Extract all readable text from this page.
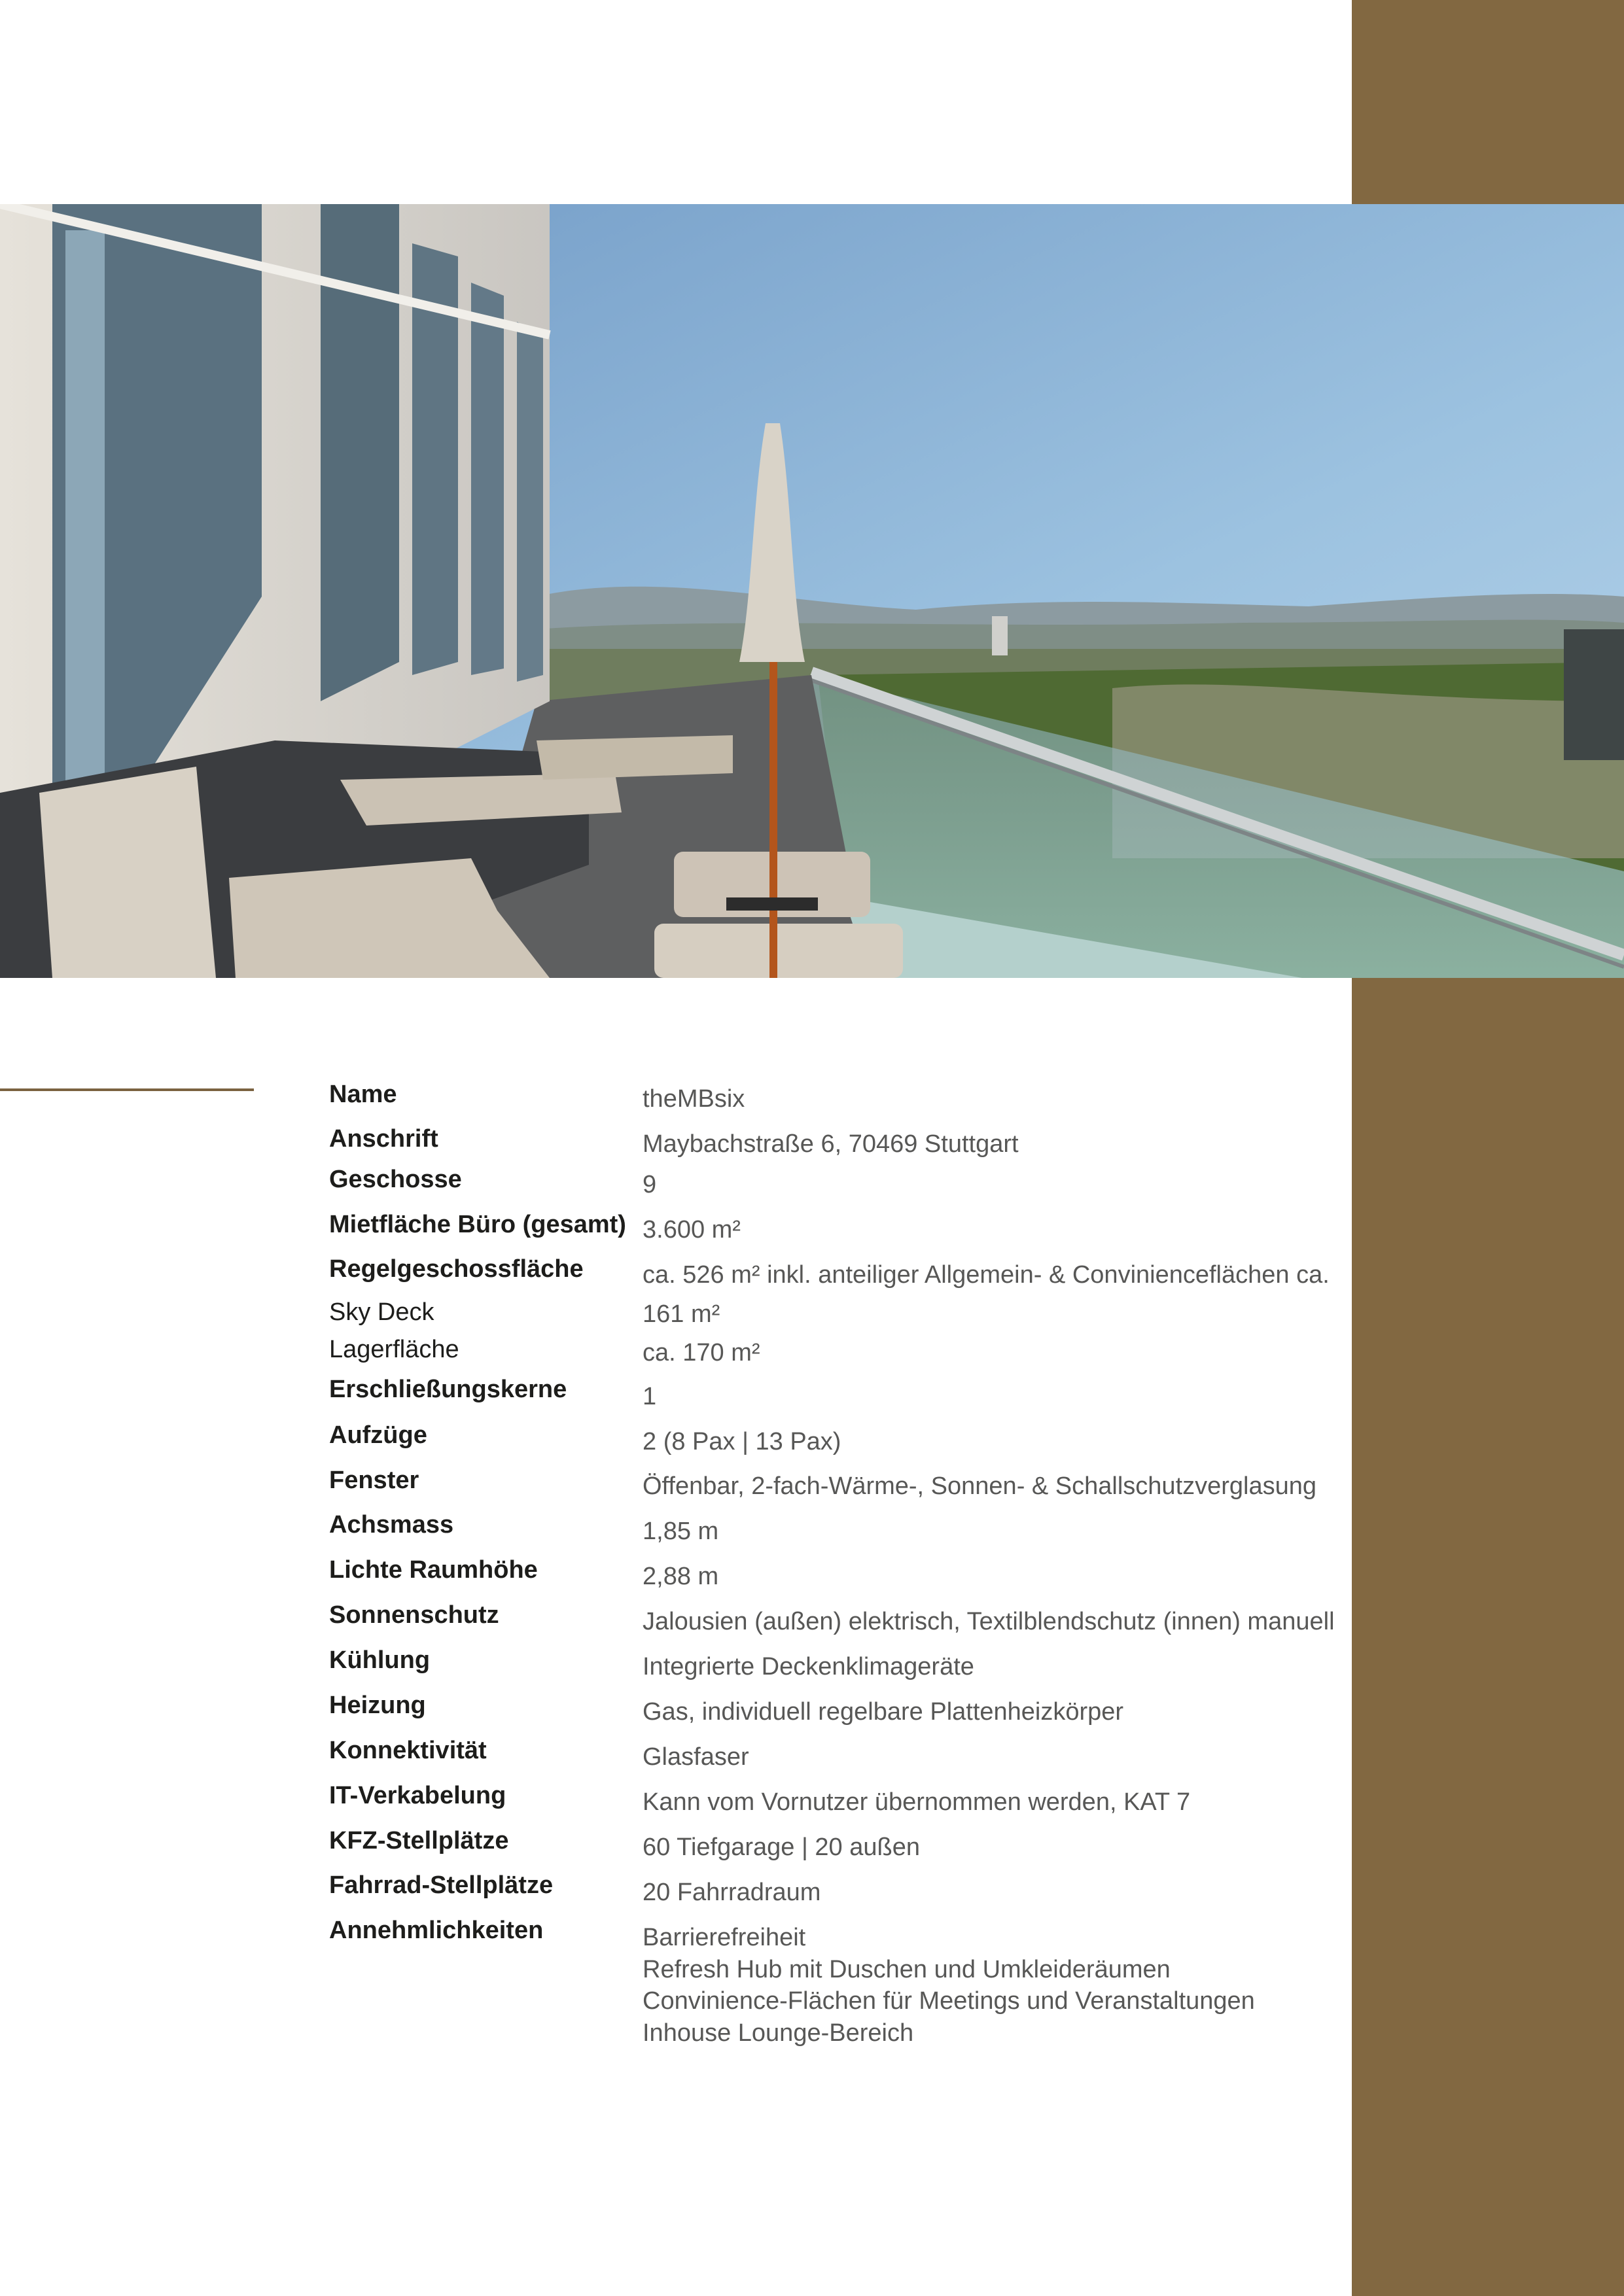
Name	theMBsix
Anschrift	Maybachstraße 6, 70469 Stuttgart
Geschosse	9
Mietfläche Büro (gesamt) 3.600 m²
Regelgeschossfläche ca. 526 m² inkl. anteiliger Allgemein- & Convinienceflächen ca.
Sky Deck	161 m²
Lagerfläche	ca. 170 m²
Erschließungskerne	1
Aufzüge	2 (8 Pax | 13 Pax)
Fenster	Öffenbar, 2-fach-Wärme-, Sonnen- & Schallschutzverglasung
Achsmass	1,85 m
Lichte Raumhöhe	2,88 m
Sonnenschutz	Jalousien (außen) elektrisch, Textilblendschutz (innen) manuell
Kühlung	Integrierte Deckenklimageräte
Heizung	Gas, individuell regelbare Plattenheizkörper
Konnektivität	Glasfaser
IT-Verkabelung	Kann vom Vornutzer übernommen werden, KAT 7
KFZ-Stellplätze	60 Tiefgarage | 20 außen
Fahrrad-Stellplätze	20 Fahrradraum
Annehmlichkeiten	Barrierefreiheit
Refresh Hub mit Duschen und Umkleideräumen
Convinience-Flächen für Meetings und Veranstaltungen
Inhouse Lounge-Bereich
